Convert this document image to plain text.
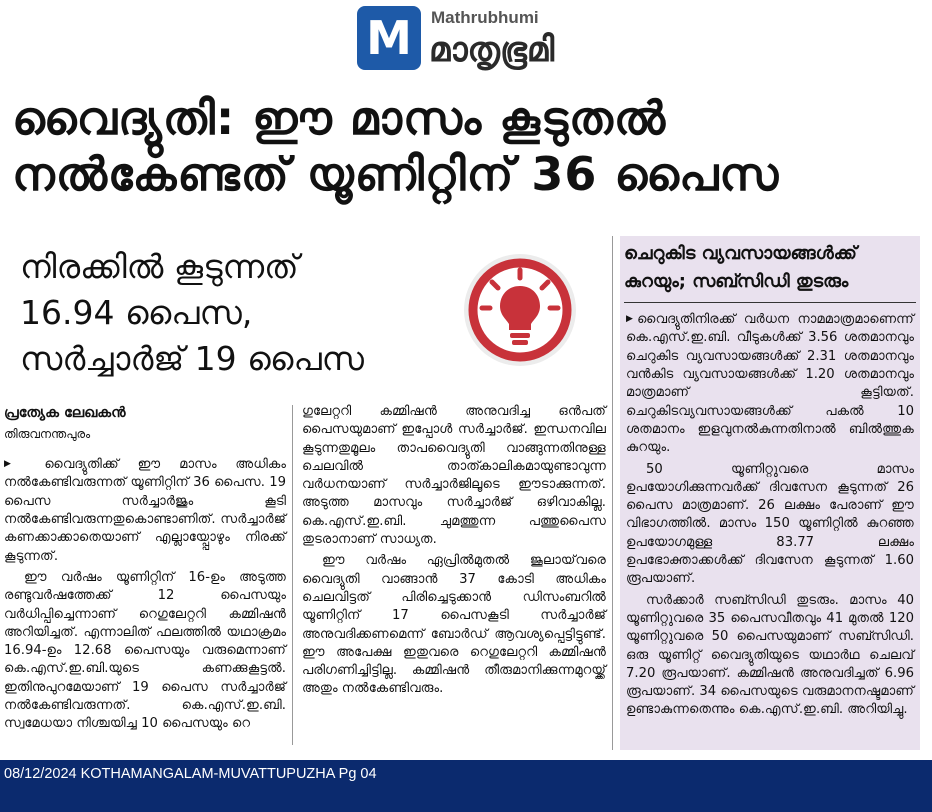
M	Mathrubhumi
മാതൃഭൂമി
വൈദ്യുതി: ഈ മാസം കൂടുതൽ
നൽകേണ്ടത് യൂണിറ്റിന് 36 പൈസ
നിരക്കിൽ കൂടുന്നത്
16.94 പൈസ,
സർച്ചാർജ് 19 പൈസ
പ്രത്യേക ലേഖകൻ
തിരുവനന്തപുരം

▶ വൈദ്യുതിക്ക് ഈ മാസം അധികം നൽകേണ്ടിവരുന്നത് യൂണിറ്റിന് 36 പൈസ. 19 പൈസ സർച്ചാർജും കൂടി നൽകേണ്ടിവരുന്നതുകൊണ്ടാണിത്. സർച്ചാർജ് കണക്കാക്കാതെയാണ് എല്ലായ്പ്പോഴും നിരക്ക് കൂടുന്നത്.

ഈ വർഷം യൂണിറ്റിന് 16-ഉം അടുത്ത രണ്ടുവർഷത്തേക്ക് 12 പൈസയും വർധിപ്പിച്ചെന്നാണ് റെഗുലേറ്ററി കമ്മിഷൻ അറിയിച്ചത്. എന്നാലിത് ഫലത്തിൽ യഥാക്രമം 16.94-ഉം 12.68 പൈസയും വരുമെന്നാണ് കെ.എസ്.ഇ.ബി.യുടെ കണക്കുകൂട്ടൽ. ഇതിനുപുറമേയാണ് 19 പൈസ സർച്ചാർജ് നൽകേണ്ടിവരുന്നത്. കെ.എസ്.ഇ.ബി. സ്വമേധയാ നിശ്ചയിച്ച 10 പൈസയും റെ

ഗുലേറ്ററി കമ്മിഷൻ അനുവദിച്ച ഒൻപത് പൈസയുമാണ് ഇപ്പോൾ സർച്ചാർജ്. ഇന്ധനവില കൂടുന്നതുമൂലം താപവൈദ്യുതി വാങ്ങുന്നതിനുള്ള ചെലവിൽ താത്കാലികമായുണ്ടാവുന്ന വർധനയാണ് സർച്ചാർജിലൂടെ ഈടാക്കുന്നത്. അടുത്ത മാസവും സർച്ചാർജ് ഒഴിവാകില്ല. കെ.എസ്.ഇ.ബി. ചുമത്തുന്ന പത്തുപൈസ തുടരാനാണ് സാധ്യത.

ഈ വർഷം ഏപ്രിൽമുതൽ ജൂലായ്‌വരെ വൈദ്യുതി വാങ്ങാൻ 37 കോടി അധികം ചെലവിട്ടത് പിരിച്ചെടുക്കാൻ ഡിസംബറിൽ യൂണിറ്റിന് 17 പൈസകൂടി സർച്ചാർജ് അനുവദിക്കണമെന്ന് ബോർഡ് ആവശ്യപ്പെട്ടിട്ടുണ്ട്. ഈ അപേക്ഷ ഇതുവരെ റെഗുലേറ്ററി കമ്മിഷൻ പരിഗണിച്ചിട്ടില്ല. കമ്മിഷൻ തീരുമാനിക്കുന്നമുറയ്ക്ക് അതും നൽകേണ്ടിവരും.

ചെറുകിട വ്യവസായങ്ങൾക്ക്
കുറയും; സബ്സിഡി തുടരും

▶വൈദ്യുതിനിരക്ക് വർധന നാമമാത്രമാണെന്ന് കെ.എസ്.ഇ.ബി. വീടുകൾക്ക് 3.56 ശതമാനവും ചെറുകിട വ്യവസായങ്ങൾക്ക് 2.31 ശതമാനവും വൻകിട വ്യവസായങ്ങൾക്ക് 1.20 ശതമാനവും മാത്രമാണ് കൂട്ടിയത്. ചെറുകിടവ്യവസായങ്ങൾക്ക് പകൽ 10 ശതമാനം ഇളവുനൽകുന്നതിനാൽ ബിൽത്തുക കുറയും.

50 യൂണിറ്റുവരെ മാസം ഉപയോഗിക്കുന്നവർക്ക് ദിവസേന കൂടുന്നത് 26 പൈസ മാത്രമാണ്. 26 ലക്ഷം പേരാണ് ഈ വിഭാഗത്തിൽ. മാസം 150 യൂണിറ്റിൽ കുറഞ്ഞ ഉപയോഗമുള്ള 83.77 ലക്ഷം ഉപഭോക്താക്കൾക്ക് ദിവസേന കൂടുന്നത് 1.60 രൂപയാണ്.

സർക്കാർ സബ്സിഡി തുടരും. മാസം 40 യൂണിറ്റുവരെ 35 പൈസവീതവും 41 മുതൽ 120 യൂണിറ്റുവരെ 50 പൈസയുമാണ് സബ്സിഡി. ഒരു യൂണിറ്റ് വൈദ്യുതിയുടെ യഥാർഥ ചെലവ് 7.20 രൂപയാണ്. കമ്മിഷൻ അനുവദിച്ചത് 6.96 രൂപയാണ്. 34 പൈസയുടെ വരുമാനനഷ്ടമാണ് ഉണ്ടാകുന്നതെന്നും കെ.എസ്.ഇ.ബി. അറിയിച്ചു.

08/12/2024 KOTHAMANGALAM-MUVATTUPUZHA Pg 04
